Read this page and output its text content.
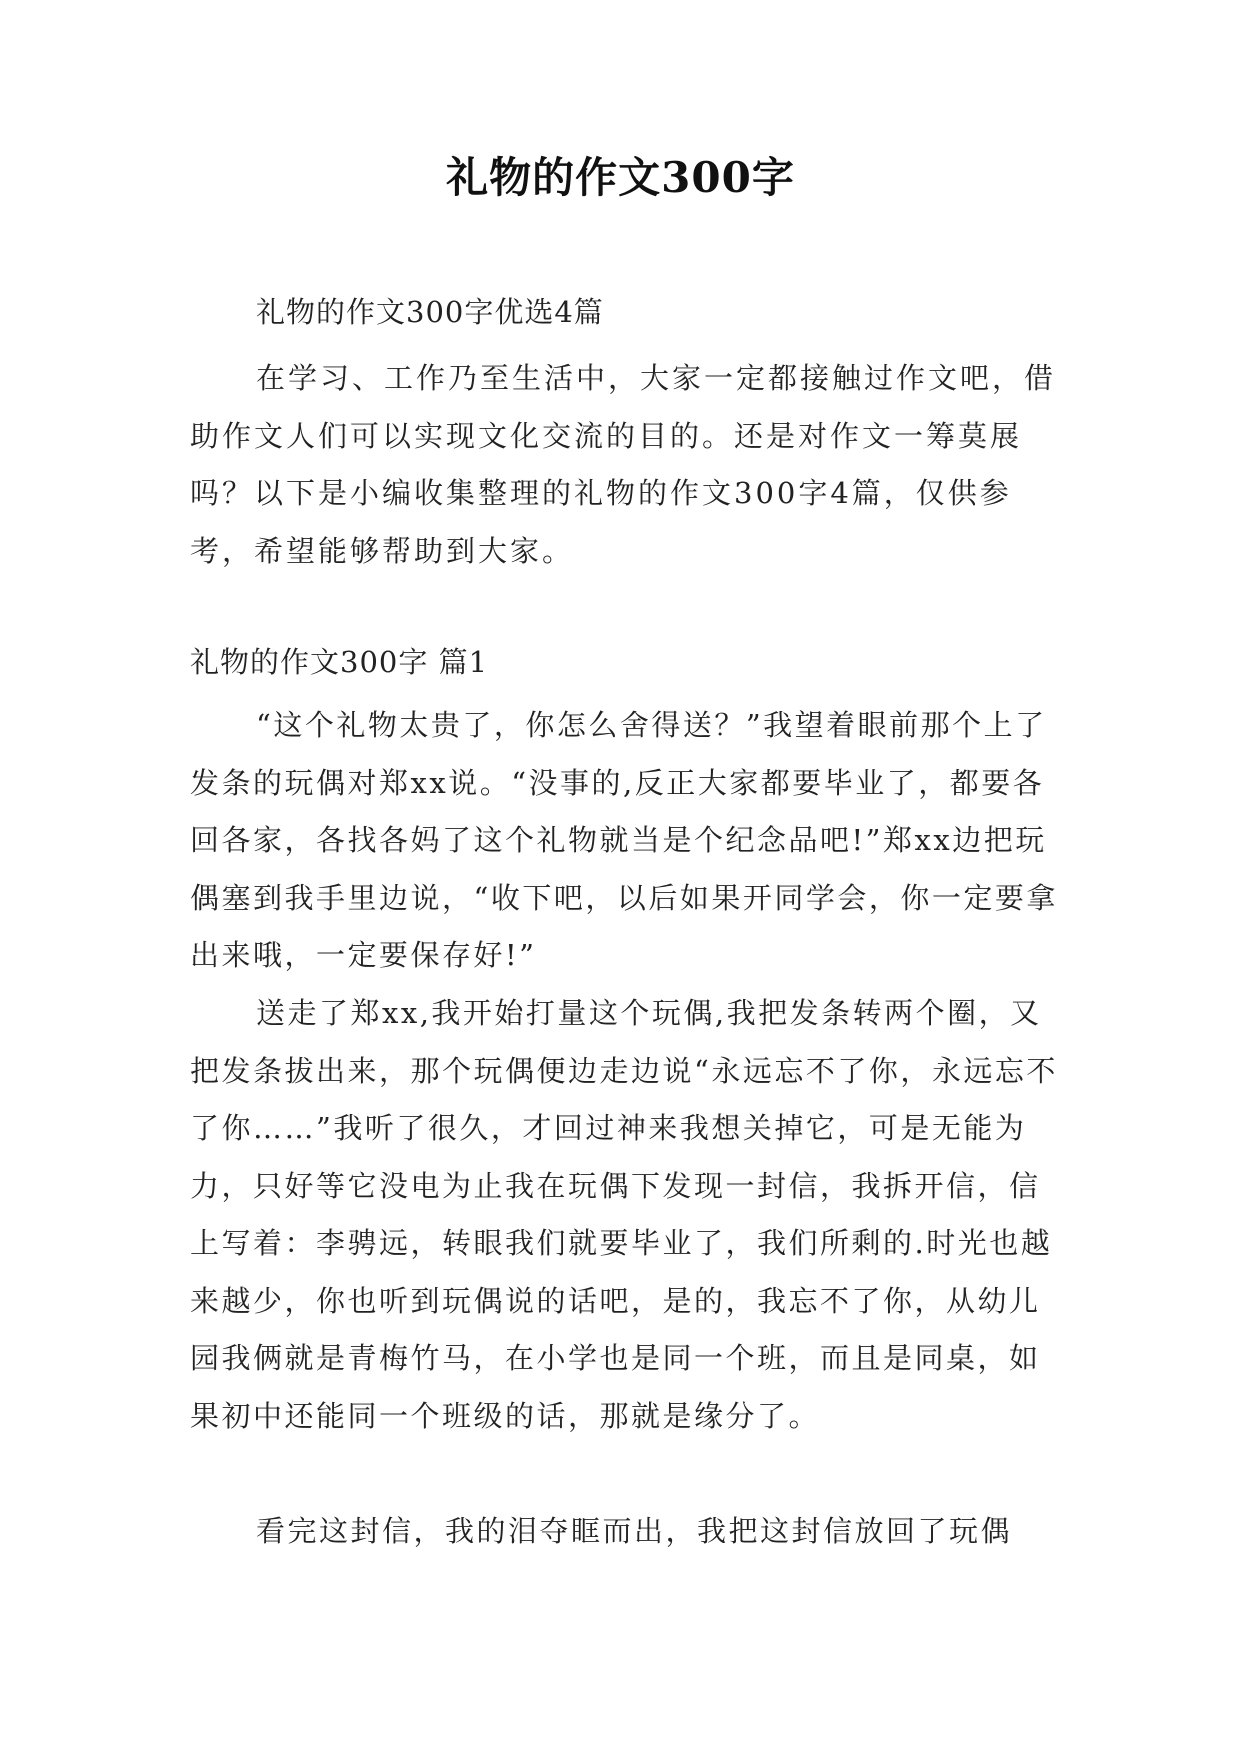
礼物的作文300字
礼物的作文300字优选4篇
在学习、工作乃至生活中，大家一定都接触过作文吧，借助作文人们可以实现文化交流的目的。还是对作文一筹莫展吗？以下是小编收集整理的礼物的作文300字4篇，仅供参考，希望能够帮助到大家。
礼物的作文300字 篇1

“这个礼物太贵了，你怎么舍得送？”我望着眼前那个上了发条的玩偶对郑xx说。“没事的,反正大家都要毕业了，都要各回各家，各找各妈了这个礼物就当是个纪念品吧!”郑xx边把玩偶塞到我手里边说，“收下吧，以后如果开同学会，你一定要拿出来哦，一定要保存好!”

送走了郑xx,我开始打量这个玩偶,我把发条转两个圈，又把发条拔出来，那个玩偶便边走边说“永远忘不了你，永远忘不了你……”我听了很久，才回过神来我想关掉它，可是无能为力，只好等它没电为止我在玩偶下发现一封信，我拆开信，信上写着：李骋远，转眼我们就要毕业了，我们所剩的.时光也越来越少，你也听到玩偶说的话吧，是的，我忘不了你，从幼儿园我俩就是青梅竹马，在小学也是同一个班，而且是同桌，如果初中还能同一个班级的话，那就是缘分了。

看完这封信，我的泪夺眶而出，我把这封信放回了玩偶
